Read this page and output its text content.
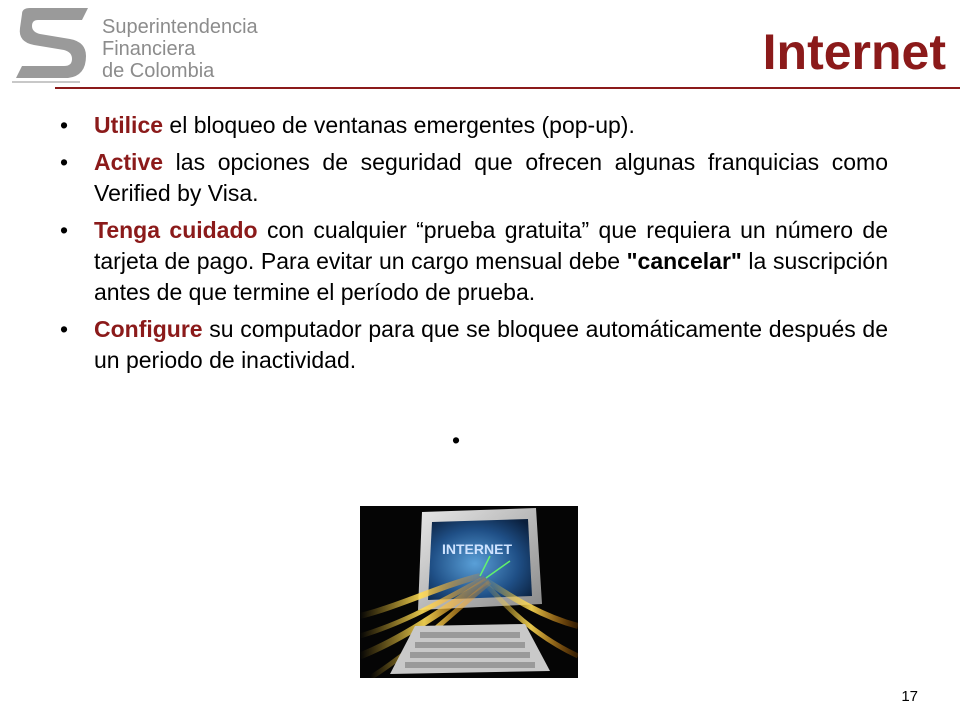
Superintendencia
Financiera
de Colombia	Internet
• Utilice el bloqueo de ventanas emergentes (pop-up).
• Active las opciones de seguridad que ofrecen algunas franquicias como Verified by Visa.
• Tenga cuidado con cualquier “prueba gratuita” que requiera un número de tarjeta de pago. Para evitar un cargo mensual debe "cancelar" la suscripción antes de que termine el período de prueba.
• Configure su computador para que se bloquee automáticamente después de un periodo de inactividad.
•
INTERNET
17
